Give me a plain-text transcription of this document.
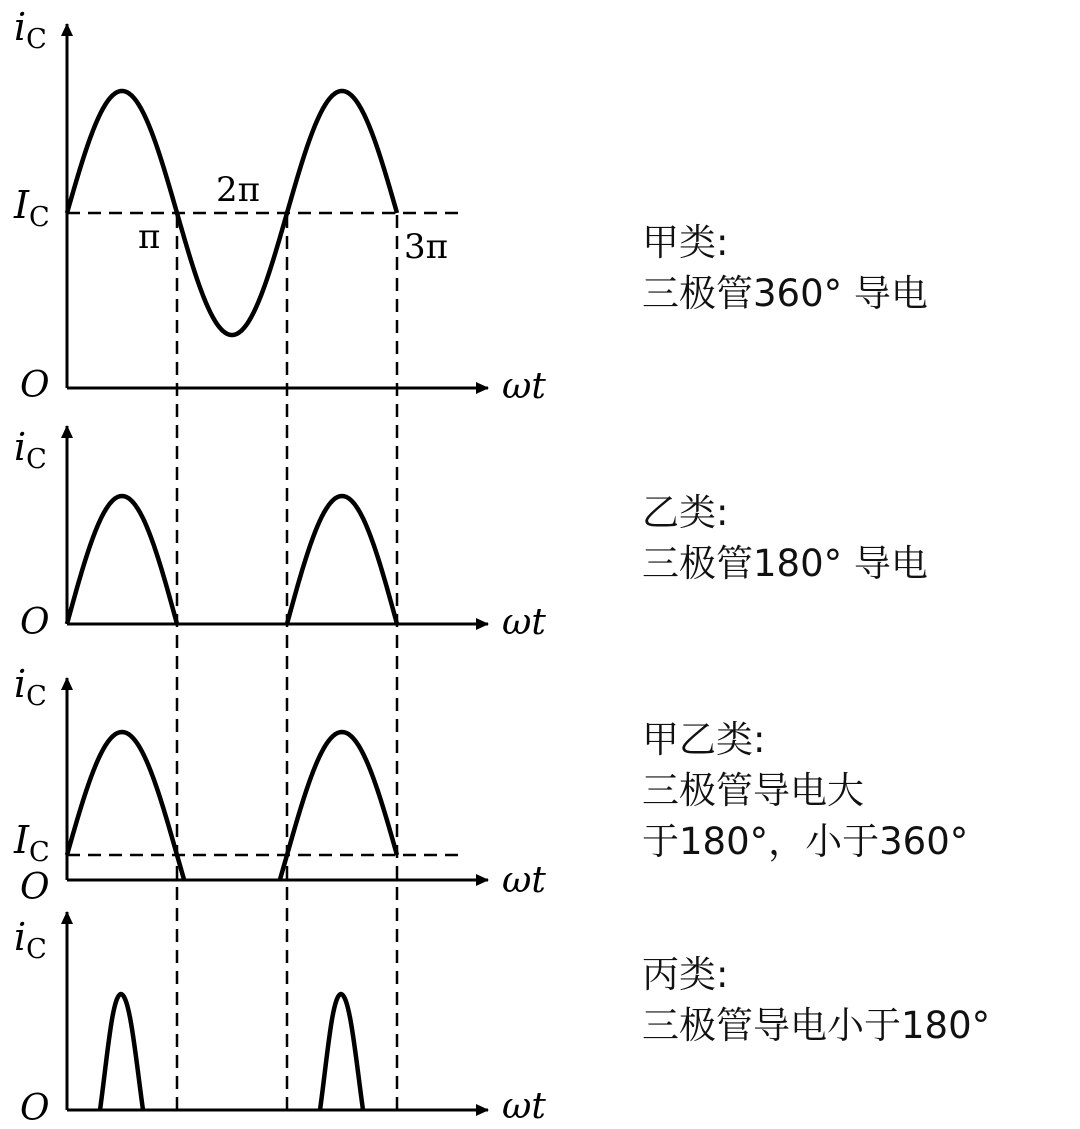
$i_C$
$I_C$
O	ωt
π
2π
3π	甲类:
三极管360° 导电
$i_C$
O	ωt
乙类:
三极管180° 导电
$i_C$
$I_C$
O	ωt
甲乙类:
三极管导电大
于180°，小于360°
$i_C$
O	ωt
丙类:
三极管导电小于180°
